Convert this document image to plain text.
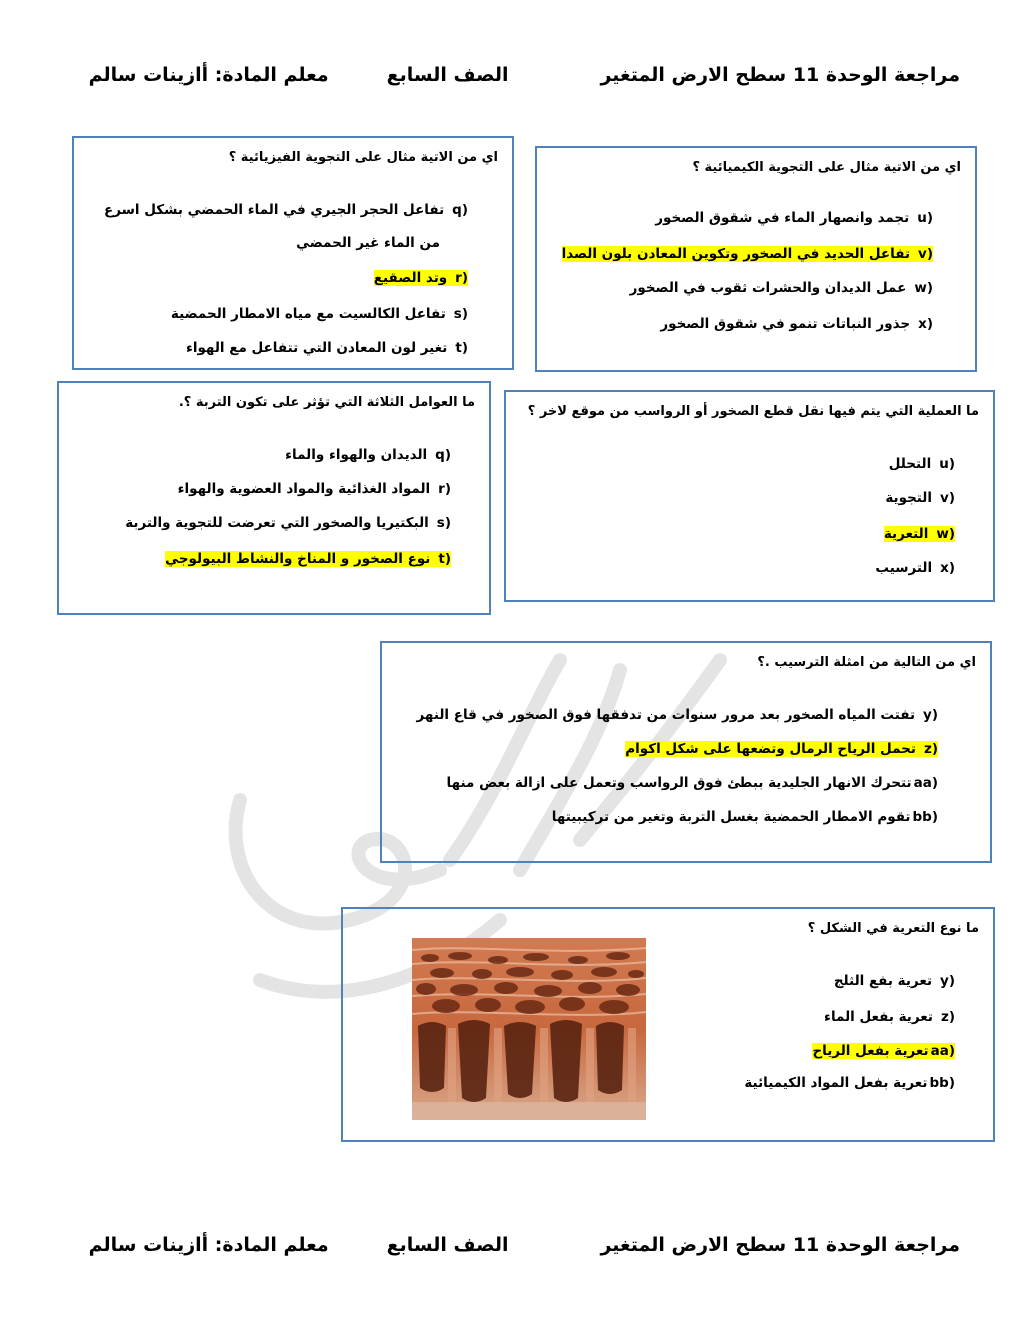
مراجعة الوحدة 11 سطح الارض المتغير
الصف السابع
معلم المادة: أازينات سالم
اي من الاتية مثال على التجوية الفيزيائية ؟
q)تفاعل الحجر الجيري في الماء الحمضي بشكل اسرع
من الماء غير الحمضي
r)وتد الصقيع
s)تفاعل الكالسيت مع مياه الامطار الحمضية
t)تغير لون المعادن التي تتفاعل مع الهواء
اي من الاتية مثال على التجوية الكيميائية ؟
u)تجمد وانصهار الماء في شقوق الصخور
v)تفاعل الحديد في الصخور وتكوين المعادن بلون الصدا
w)عمل الديدان والحشرات ثقوب في الصخور
x)جذور النباتات تنمو في شقوق الصخور
ما العوامل الثلاثة التي تؤثر على تكون التربة ؟.
q)الديدان والهواء والماء
r)المواد الغذائية والمواد العضوية والهواء
s)البكتيريا والصخور التي تعرضت للتجوية والتربة
t)نوع الصخور و المناخ والنشاط البيولوجي
ما العملية التي يتم فيها نقل قطع الصخور أو الرواسب من موقع لاخر ؟
u)التحلل
v)التجوية
w)التعرية
x)الترسيب
اي من التالية من امثلة الترسيب .؟
y)تفتت المياه الصخور بعد مرور سنوات من تدفقها فوق الصخور في قاع النهر
z)تحمل الرياح الرمال وتضعها على شكل اكوام
aa)تتحرك الانهار الجليدية ببطئ فوق الرواسب وتعمل على ازالة بعض منها
bb)تقوم الامطار الحمضية بغسل التربة وتغير من تركيبيتها
ما نوع التعرية في الشكل ؟
y)تعرية بفع الثلج
z)تعرية بفعل الماء
aa)تعرية بفعل الرياح
bb)تعرية بفعل المواد الكيميائية
مراجعة الوحدة 11 سطح الارض المتغير
الصف السابع
معلم المادة: أازينات سالم
